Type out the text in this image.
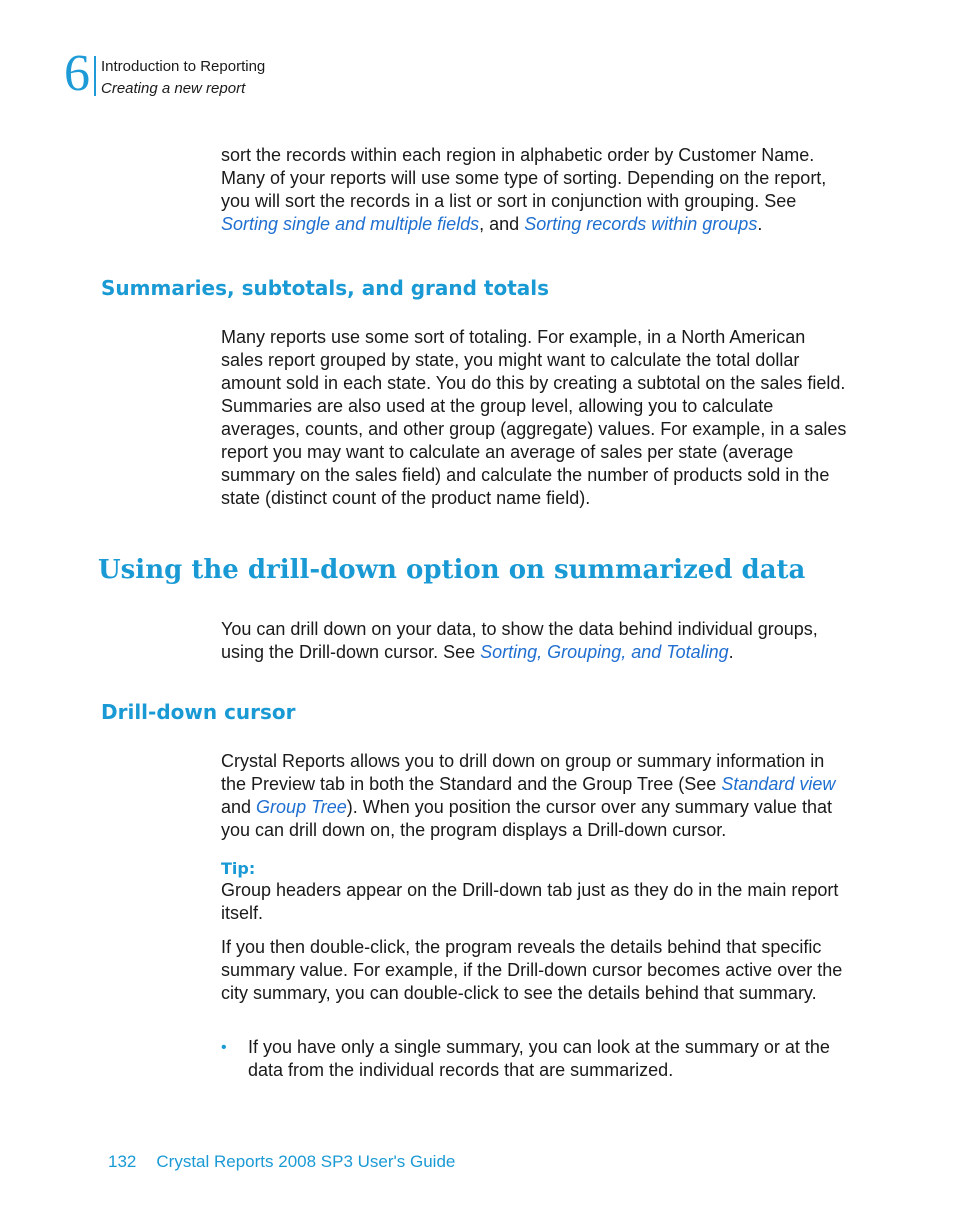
6 Introduction to Reporting
Creating a new report

sort the records within each region in alphabetic order by Customer Name. Many of your reports will use some type of sorting. Depending on the report, you will sort the records in a list or sort in conjunction with grouping. See Sorting single and multiple fields, and Sorting records within groups.

Summaries, subtotals, and grand totals

Many reports use some sort of totaling. For example, in a North American sales report grouped by state, you might want to calculate the total dollar amount sold in each state. You do this by creating a subtotal on the sales field. Summaries are also used at the group level, allowing you to calculate averages, counts, and other group (aggregate) values. For example, in a sales report you may want to calculate an average of sales per state (average summary on the sales field) and calculate the number of products sold in the state (distinct count of the product name field).

Using the drill-down option on summarized data

You can drill down on your data, to show the data behind individual groups, using the Drill-down cursor. See Sorting, Grouping, and Totaling.

Drill-down cursor

Crystal Reports allows you to drill down on group or summary information in the Preview tab in both the Standard and the Group Tree (See Standard view and Group Tree). When you position the cursor over any summary value that you can drill down on, the program displays a Drill-down cursor.

Tip:

Group headers appear on the Drill-down tab just as they do in the main report itself.

If you then double-click, the program reveals the details behind that specific summary value. For example, if the Drill-down cursor becomes active over the city summary, you can double-click to see the details behind that summary.

• If you have only a single summary, you can look at the summary or at the data from the individual records that are summarized.

132 Crystal Reports 2008 SP3 User's Guide
